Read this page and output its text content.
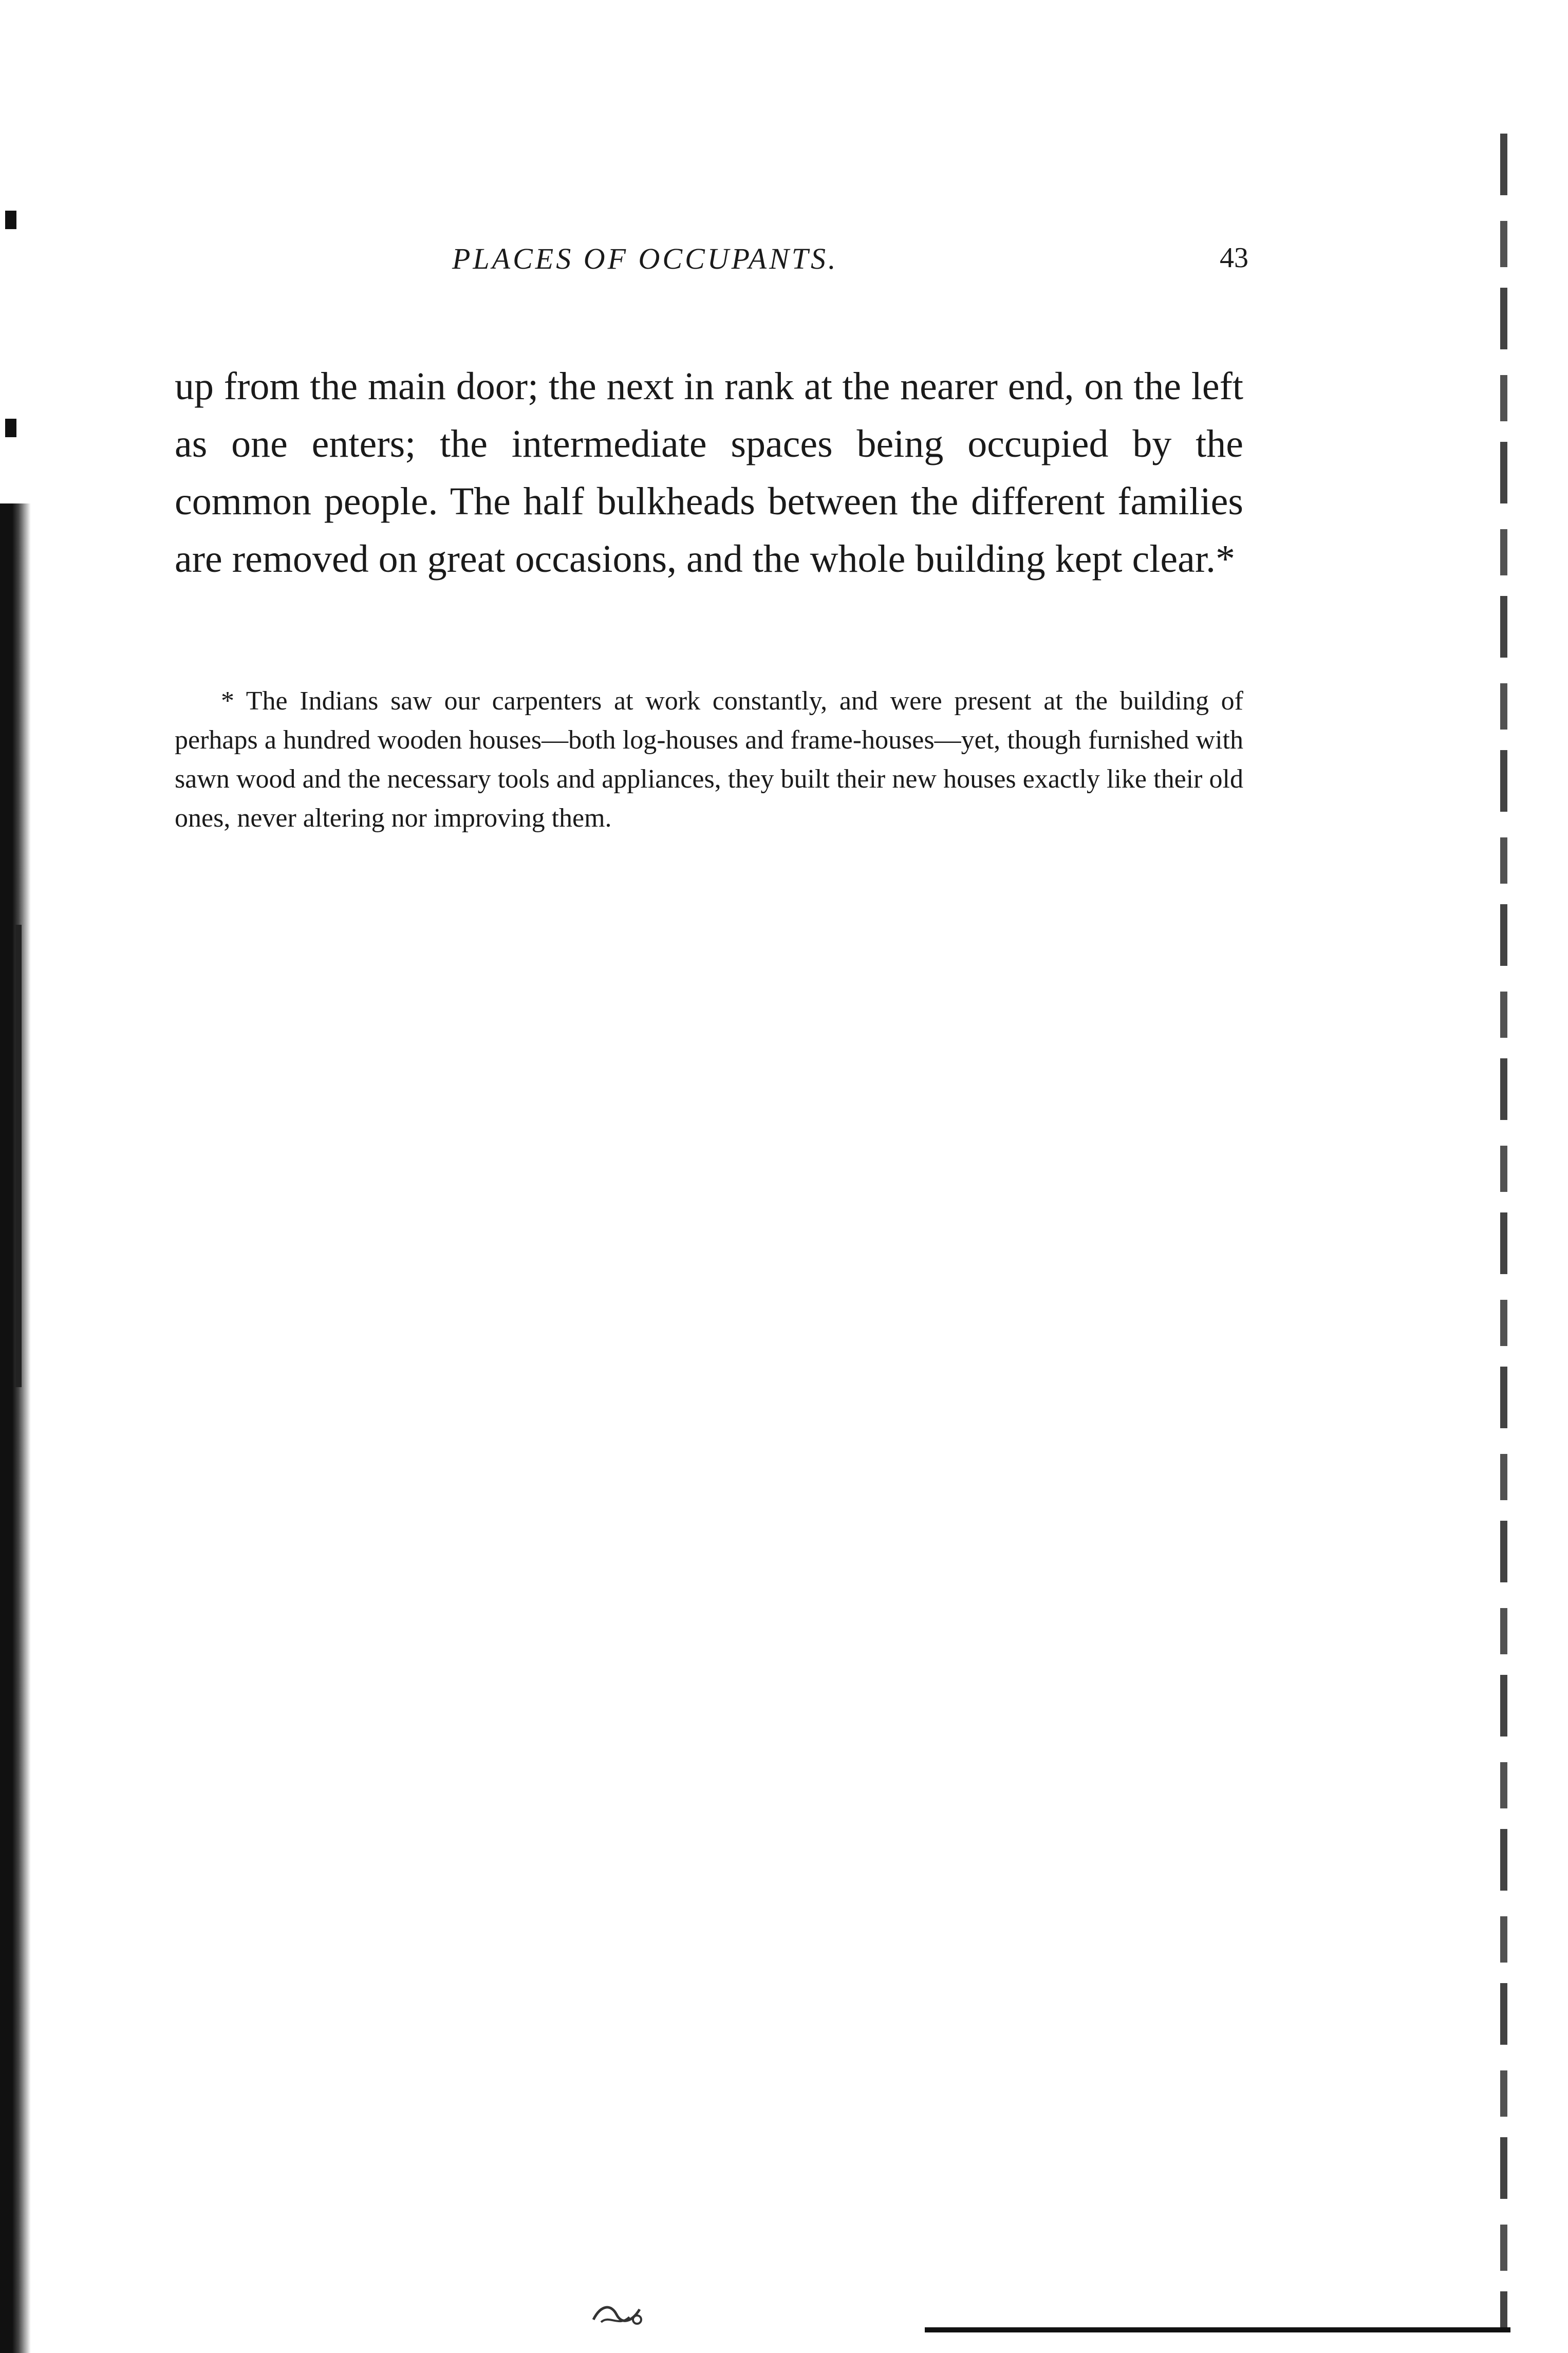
PLACES OF OCCUPANTS.	43

up from the main door; the next in rank at the nearer end, on the left as one enters; the intermediate spaces being occupied by the common people. The half bulkheads between the different families are removed on great occasions, and the whole building kept clear.*

* The Indians saw our carpenters at work constantly, and were present at the building of perhaps a hundred wooden houses—both log-houses and frame-houses—yet, though furnished with sawn wood and the necessary tools and appliances, they built their new houses exactly like their old ones, never altering nor improving them.
